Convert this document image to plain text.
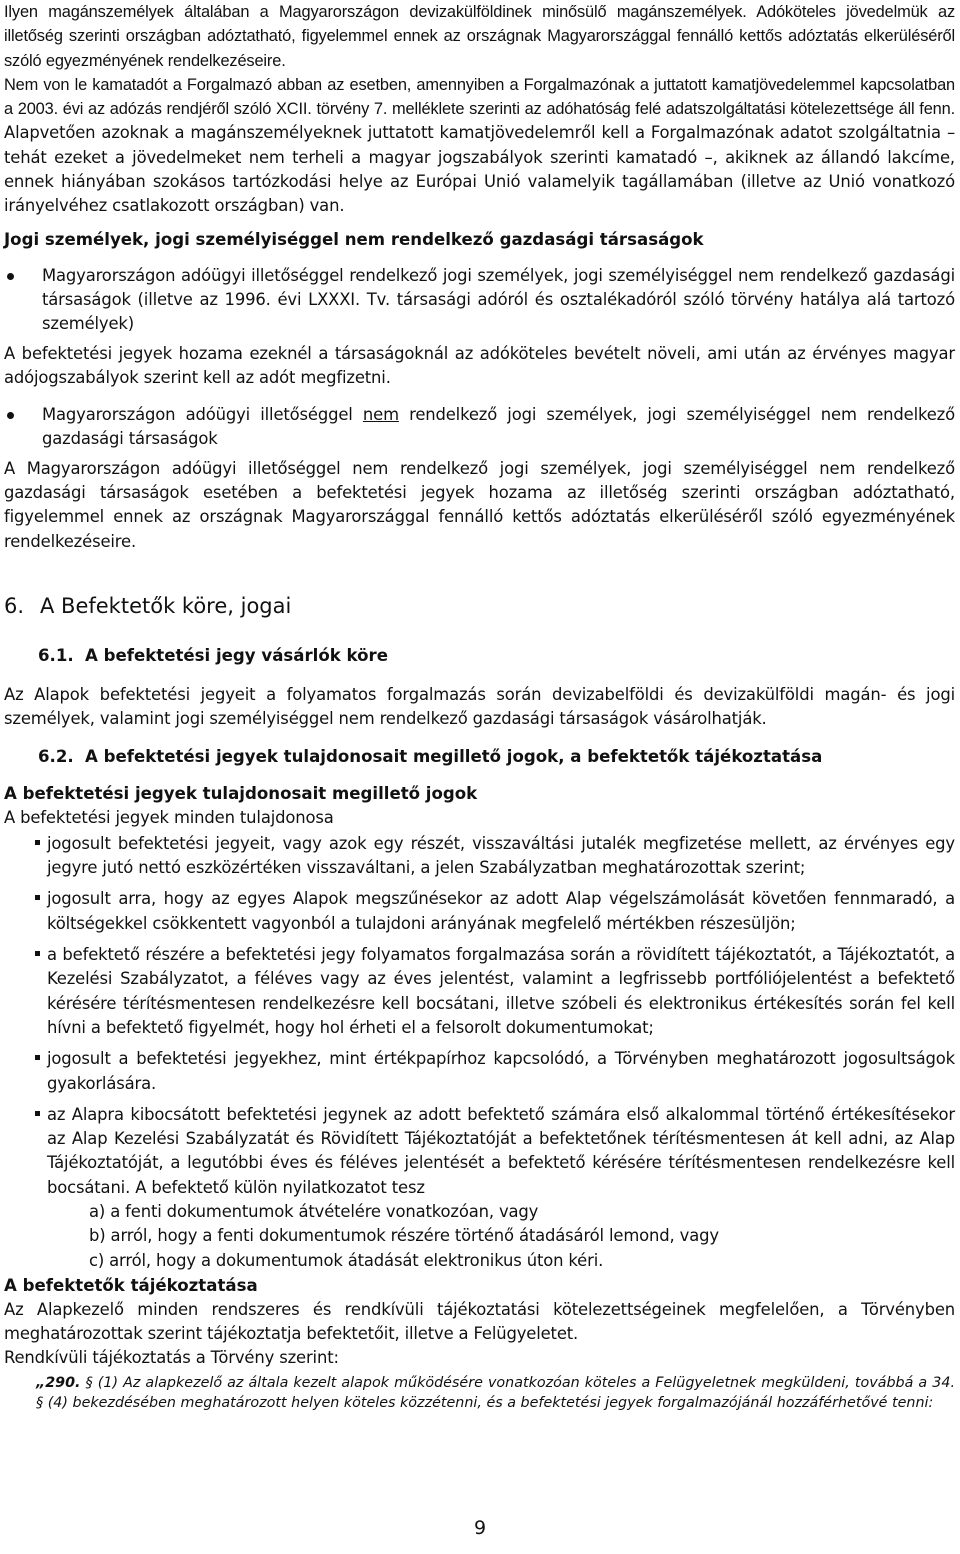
Ilyen magánszemélyek általában a Magyarországon devizakülföldinek minősülő magánszemélyek. Adóköteles jövedelmük az illetőség szerinti országban adóztatható, figyelemmel ennek az országnak Magyarországgal fennálló kettős adóztatás elkerüléséről szóló egyezményének rendelkezéseire.

Nem von le kamatadót a Forgalmazó abban az esetben, amennyiben a Forgalmazónak a juttatott kamatjövedelemmel kapcsolatban a 2003. évi az adózás rendjéről szóló XCII. törvény 7. melléklete szerinti az adóhatóság felé adatszolgáltatási kötelezettsége áll fenn. Alapvetően azoknak a magánszemélyeknek juttatott kamatjövedelemről kell a Forgalmazónak adatot szolgáltatnia – tehát ezeket a jövedelmeket nem terheli a magyar jogszabályok szerinti kamatadó –, akiknek az állandó lakcíme, ennek hiányában szokásos tartózkodási helye az Európai Unió valamelyik tagállamában (illetve az Unió vonatkozó irányelvéhez csatlakozott országban) van.

Jogi személyek, jogi személyiséggel nem rendelkező gazdasági társaságok

Magyarországon adóügyi illetőséggel rendelkező jogi személyek, jogi személyiséggel nem rendelkező gazdasági társaságok (illetve az 1996. évi LXXXI. Tv. társasági adóról és osztalékadóról szóló törvény hatálya alá tartozó személyek)

A befektetési jegyek hozama ezeknél a társaságoknál az adóköteles bevételt növeli, ami után az érvényes magyar adójogszabályok szerint kell az adót megfizetni.

Magyarországon adóügyi illetőséggel nem rendelkező jogi személyek, jogi személyiséggel nem rendelkező gazdasági társaságok

A Magyarországon adóügyi illetőséggel nem rendelkező jogi személyek, jogi személyiséggel nem rendelkező gazdasági társaságok esetében a befektetési jegyek hozama az illetőség szerinti országban adóztatható, figyelemmel ennek az országnak Magyarországgal fennálló kettős adóztatás elkerüléséről szóló egyezményének rendelkezéseire.

6. A Befektetők köre, jogai
6.1. A befektetési jegy vásárlók köre

Az Alapok befektetési jegyeit a folyamatos forgalmazás során devizabelföldi és devizakülföldi magán- és jogi személyek, valamint jogi személyiséggel nem rendelkező gazdasági társaságok vásárolhatják.

6.2. A befektetési jegyek tulajdonosait megillető jogok, a befektetők tájékoztatása

A befektetési jegyek tulajdonosait megillető jogok

A befektetési jegyek minden tulajdonosa

jogosult befektetési jegyeit, vagy azok egy részét, visszaváltási jutalék megfizetése mellett, az érvényes egy jegyre jutó nettó eszközértéken visszaváltani, a jelen Szabályzatban meghatározottak szerint;
jogosult arra, hogy az egyes Alapok megszűnésekor az adott Alap végelszámolását követően fennmaradó, a költségekkel csökkentett vagyonból a tulajdoni arányának megfelelő mértékben részesüljön;
a befektető részére a befektetési jegy folyamatos forgalmazása során a rövidített tájékoztatót, a Tájékoztatót, a Kezelési Szabályzatot, a féléves vagy az éves jelentést, valamint a legfrissebb portfóliójelentést a befektető kérésére térítésmentesen rendelkezésre kell bocsátani, illetve szóbeli és elektronikus értékesítés során fel kell hívni a befektető figyelmét, hogy hol érheti el a felsorolt dokumentumokat;
jogosult a befektetési jegyekhez, mint értékpapírhoz kapcsolódó, a Törvényben meghatározott jogosultságok gyakorlására.
az Alapra kibocsátott befektetési jegynek az adott befektető számára első alkalommal történő értékesítésekor az Alap Kezelési Szabályzatát és Rövidített Tájékoztatóját a befektetőnek térítésmentesen át kell adni, az Alap Tájékoztatóját, a legutóbbi éves és féléves jelentését a befektető kérésére térítésmentesen rendelkezésre kell bocsátani. A befektető külön nyilatkozatot tesz
a) a fenti dokumentumok átvételére vonatkozóan, vagy
b) arról, hogy a fenti dokumentumok részére történő átadásáról lemond, vagy
c) arról, hogy a dokumentumok átadását elektronikus úton kéri.

A befektetők tájékoztatása

Az Alapkezelő minden rendszeres és rendkívüli tájékoztatási kötelezettségeinek megfelelően, a Törvényben meghatározottak szerint tájékoztatja befektetőit, illetve a Felügyeletet.

Rendkívüli tájékoztatás a Törvény szerint:

„290. § (1) Az alapkezelő az általa kezelt alapok működésére vonatkozóan köteles a Felügyeletnek megküldeni, továbbá a 34. § (4) bekezdésében meghatározott helyen köteles közzétenni, és a befektetési jegyek forgalmazójánál hozzáférhetővé tenni:

9
